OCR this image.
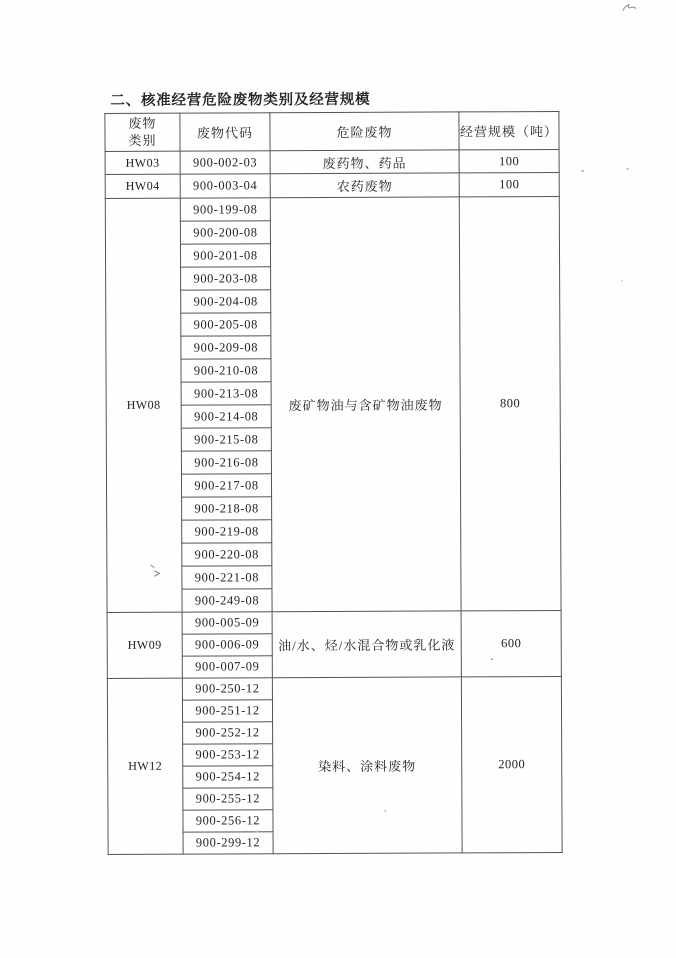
二、核准经营危险废物类别及经营规模
废物
类别	废物代码	危险废物	经营规模（吨）
HW03	900-002-03	废药物、药品	100
HW04	900-003-04	农药废物	100
HW08	900-199-08	废矿物油与含矿物油废物	800
	900-200-08		
	900-201-08		
	900-203-08		
	900-204-08		
	900-205-08		
	900-209-08		
	900-210-08		
	900-213-08		
	900-214-08		
	900-215-08		
	900-216-08		
	900-217-08		
	900-218-08		
	900-219-08		
	900-220-08		
	900-221-08		
	900-249-08		
HW09	900-005-09	油/水、烃/水混合物或乳化液	600
	900-006-09		
	900-007-09		
HW12	900-250-12	染料、涂料废物	2000
	900-251-12		
	900-252-12		
	900-253-12		
	900-254-12		
	900-255-12		
	900-256-12		
	900-299-12		
